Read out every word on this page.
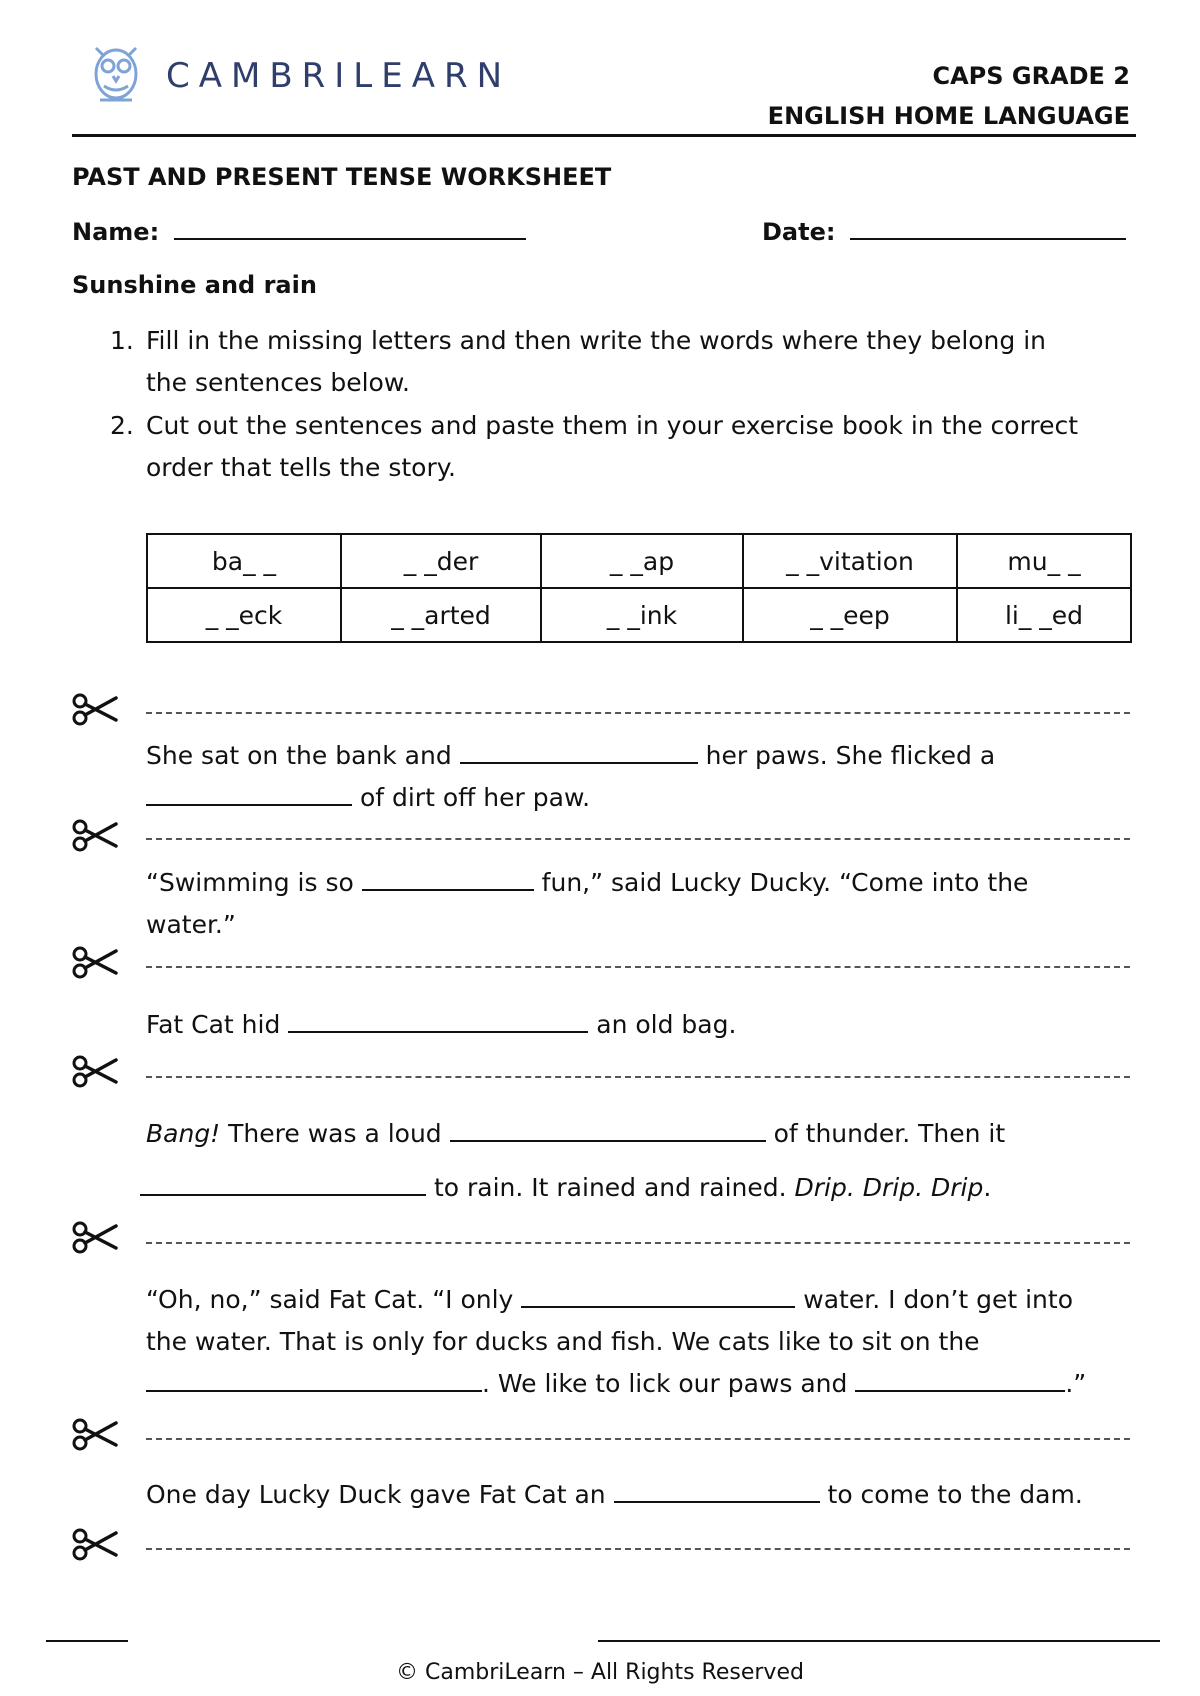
CAMBRILEARN	CAPS GRADE 2
ENGLISH HOME LANGUAGE
PAST AND PRESENT TENSE WORKSHEET
Name:	Date:
Sunshine and rain
1. Fill in the missing letters and then write the words where they belong in
the sentences below.
2. Cut out the sentences and paste them in your exercise book in the correct
order that tells the story.
ba_ _	_ _der	_ _ap	_ _vitation	mu_ _
_ _eck	_ _arted	_ _ink	_ _eep	li_ _ed
She sat on the bank and	her paws. She flicked a
of dirt off her paw.
“Swimming is so	fun,” said Lucky Ducky. “Come into the
water.”
Fat Cat hid	an old bag.
Bang! There was a loud	of thunder. Then it
to rain. It rained and rained. Drip. Drip. Drip.
“Oh, no,” said Fat Cat. “I only	water. I don’t get into
the water. That is only for ducks and fish. We cats like to sit on the
. We like to lick our paws and	.”
One day Lucky Duck gave Fat Cat an	to come to the dam.
© CambriLearn – All Rights Reserved
